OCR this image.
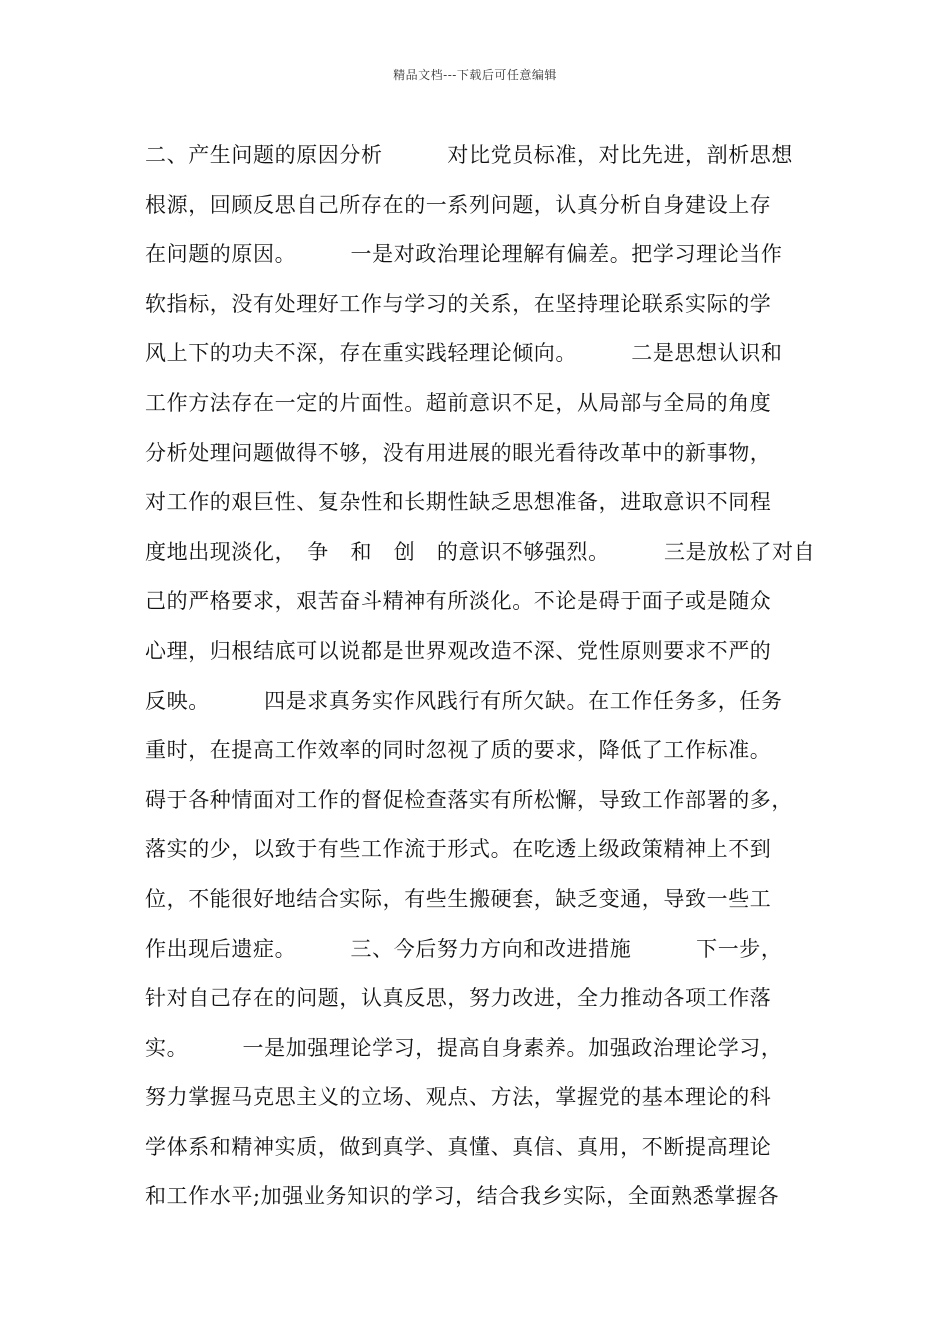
精品文档---下载后可任意编辑
二、产生问题的原因分析　　　对比党员标准，对比先进，剖析思想
根源，回顾反思自己所存在的一系列问题，认真分析自身建设上存
在问题的原因。　　　一是对政治理论理解有偏差。把学习理论当作
软指标，没有处理好工作与学习的关系，在坚持理论联系实际的学
风上下的功夫不深，存在重实践轻理论倾向。　　　二是思想认识和
工作方法存在一定的片面性。超前意识不足，从局部与全局的角度
分析处理问题做得不够，没有用进展的眼光看待改革中的新事物，
对工作的艰巨性、复杂性和长期性缺乏思想准备，进取意识不同程
度地出现淡化，　争　和　创　的意识不够强烈。　　　三是放松了对自
己的严格要求，艰苦奋斗精神有所淡化。不论是碍于面子或是随众
心理，归根结底可以说都是世界观改造不深、党性原则要求不严的
反映。　　　四是求真务实作风践行有所欠缺。在工作任务多，任务
重时，在提高工作效率的同时忽视了质的要求，降低了工作标准。
碍于各种情面对工作的督促检查落实有所松懈，导致工作部署的多，
落实的少，以致于有些工作流于形式。在吃透上级政策精神上不到
位，不能很好地结合实际，有些生搬硬套，缺乏变通，导致一些工
作出现后遗症。　　　三、今后努力方向和改进措施　　　下一步，
针对自己存在的问题，认真反思，努力改进，全力推动各项工作落
实。　　　一是加强理论学习，提高自身素养。加强政治理论学习，
努力掌握马克思主义的立场、观点、方法，掌握党的基本理论的科
学体系和精神实质，做到真学、真懂、真信、真用，不断提高理论
和工作水平;加强业务知识的学习，结合我乡实际，全面熟悉掌握各
